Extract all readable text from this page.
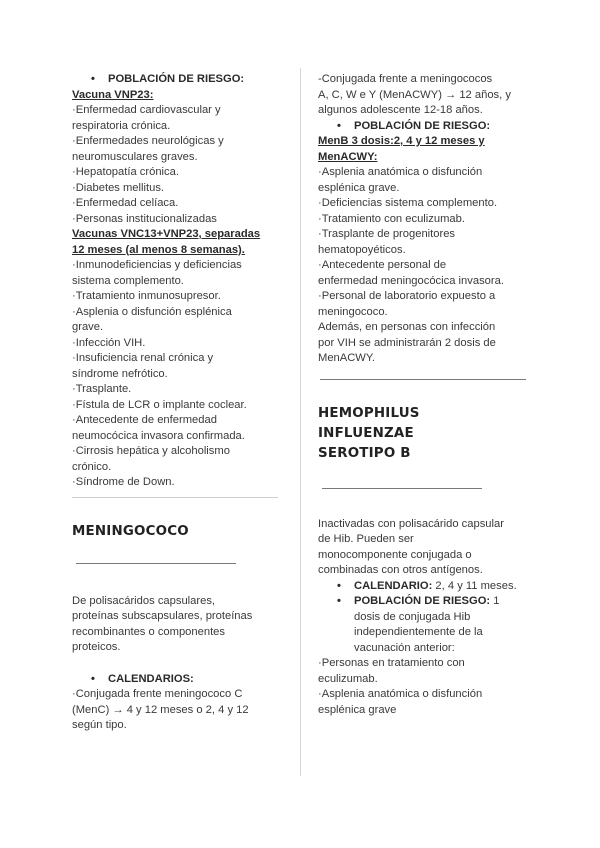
• POBLACIÓN DE RIESGO:
Vacuna VNP23:
·Enfermedad cardiovascular y
respiratoria crónica.
·Enfermedades neurológicas y
neuromusculares graves.
·Hepatopatía crónica.
·Diabetes mellitus.
·Enfermedad celíaca.
·Personas institucionalizadas
Vacunas VNC13+VNP23, separadas
12 meses (al menos 8 semanas).
·Inmunodeficiencias y deficiencias
sistema complemento.
·Tratamiento inmunosupresor.
·Asplenia o disfunción esplénica
grave.
·Infección VIH.
·Insuficiencia renal crónica y
síndrome nefrótico.
·Trasplante.
·Fístula de LCR o implante coclear.
·Antecedente de enfermedad
neumocócica invasora confirmada.
·Cirrosis hepática y alcoholismo
crónico.
·Síndrome de Down.
MENINGOCOCO
De polisacáridos capsulares,
proteínas subscapsulares, proteínas
recombinantes o componentes
proteicos.
• CALENDARIOS:
·Conjugada frente meningococo C
(MenC) → 4 y 12 meses o 2, 4 y 12
según tipo.
-Conjugada frente a meningococos
A, C, W e Y (MenACWY) → 12 años, y
algunos adolescente 12-18 años.
• POBLACIÓN DE RIESGO:
MenB 3 dosis:2, 4 y 12 meses y
MenACWY:
·Asplenia anatómica o disfunción
esplénica grave.
·Deficiencias sistema complemento.
·Tratamiento con eculizumab.
·Trasplante de progenitores
hematopoyéticos.
·Antecedente personal de
enfermedad meningocócica invasora.
·Personal de laboratorio expuesto a
meningococo.
Además, en personas con infección
por VIH se administrarán 2 dosis de
MenACWY.
HEMOPHILUS
INFLUENZAE
SEROTIPO B
Inactivadas con polisacárido capsular
de Hib. Pueden ser
monocomponente conjugada o
combinadas con otros antígenos.
• CALENDARIO: 2, 4 y 11 meses.
• POBLACIÓN DE RIESGO: 1
dosis de conjugada Hib
independientemente de la
vacunación anterior:
·Personas en tratamiento con
eculizumab.
·Asplenia anatómica o disfunción
esplénica grave
